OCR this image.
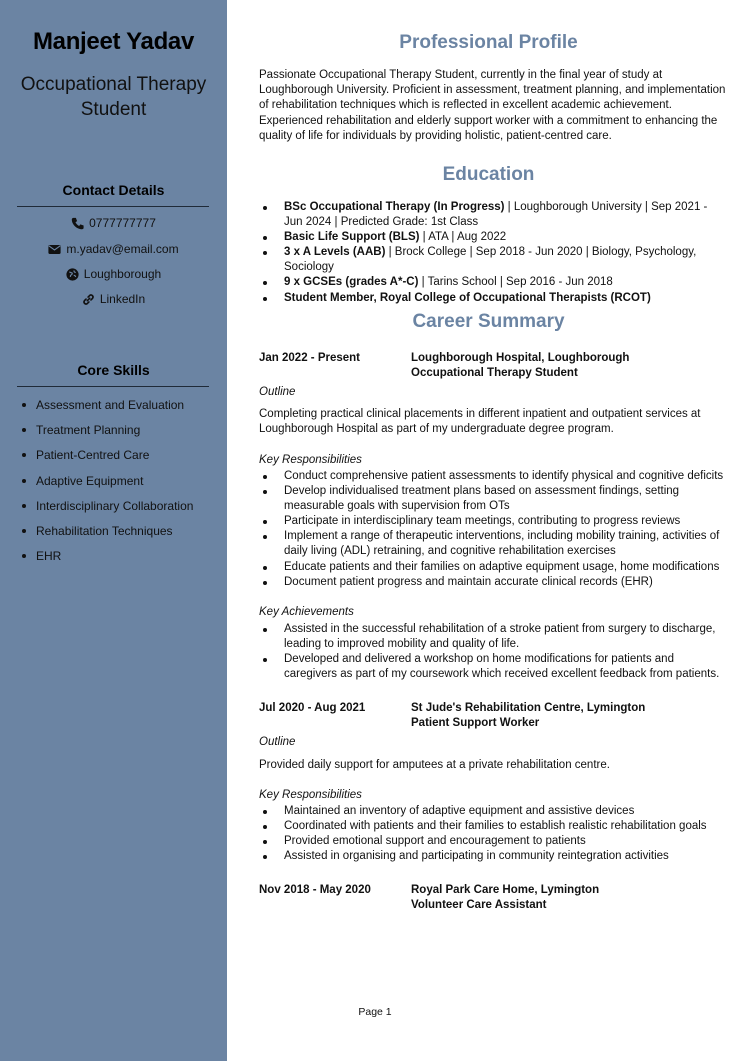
Manjeet Yadav
Occupational Therapy Student
Contact Details
0777777777
m.yadav@email.com
Loughborough
LinkedIn
Core Skills
Assessment and Evaluation
Treatment Planning
Patient-Centred Care
Adaptive Equipment
Interdisciplinary Collaboration
Rehabilitation Techniques
EHR
Professional Profile
Passionate Occupational Therapy Student, currently in the final year of study at Loughborough University. Proficient in assessment, treatment planning, and implementation of rehabilitation techniques which is reflected in excellent academic achievement. Experienced rehabilitation and elderly support worker with a commitment to enhancing the quality of life for individuals by providing holistic, patient-centred care.
Education
BSc Occupational Therapy (In Progress) | Loughborough University | Sep 2021 - Jun 2024 | Predicted Grade: 1st Class
Basic Life Support (BLS) | ATA | Aug 2022
3 x A Levels (AAB) | Brock College | Sep 2018 - Jun 2020 | Biology, Psychology, Sociology
9 x GCSEs (grades A*-C) | Tarins School | Sep 2016 - Jun 2018
Student Member, Royal College of Occupational Therapists (RCOT)
Career Summary
Jan 2022 - Present	Loughborough Hospital, Loughborough
Occupational Therapy Student
Outline
Completing practical clinical placements in different inpatient and outpatient services at Loughborough Hospital as part of my undergraduate degree program.
Key Responsibilities
Conduct comprehensive patient assessments to identify physical and cognitive deficits
Develop individualised treatment plans based on assessment findings, setting measurable goals with supervision from OTs
Participate in interdisciplinary team meetings, contributing to progress reviews
Implement a range of therapeutic interventions, including mobility training, activities of daily living (ADL) retraining, and cognitive rehabilitation exercises
Educate patients and their families on adaptive equipment usage, home modifications
Document patient progress and maintain accurate clinical records (EHR)
Key Achievements
Assisted in the successful rehabilitation of a stroke patient from surgery to discharge, leading to improved mobility and quality of life.
Developed and delivered a workshop on home modifications for patients and caregivers as part of my coursework which received excellent feedback from patients.
Jul 2020 - Aug 2021	St Jude's Rehabilitation Centre, Lymington
Patient Support Worker
Outline
Provided daily support for amputees at a private rehabilitation centre.
Key Responsibilities
Maintained an inventory of adaptive equipment and assistive devices
Coordinated with patients and their families to establish realistic rehabilitation goals
Provided emotional support and encouragement to patients
Assisted in organising and participating in community reintegration activities
Nov 2018 - May 2020	Royal Park Care Home, Lymington
Volunteer Care Assistant
Page 1
